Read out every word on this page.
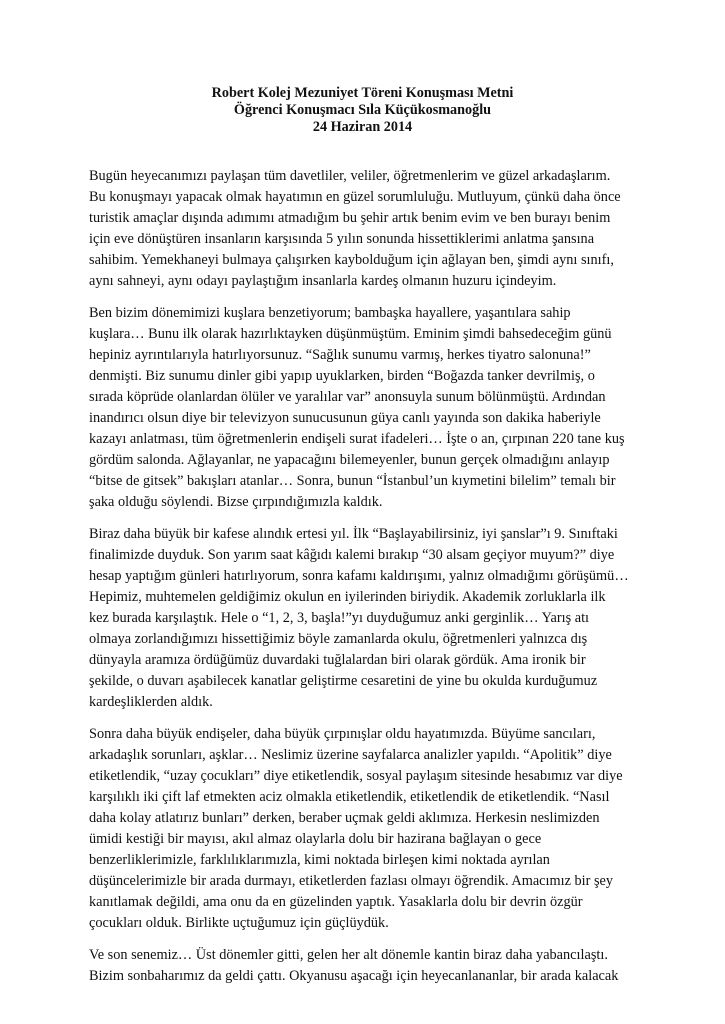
Robert Kolej Mezuniyet Töreni Konuşması Metni
Öğrenci Konuşmacı Sıla Küçükosmanoğlu
24 Haziran 2014

Bugün heyecanımızı paylaşan tüm davetliler, veliler, öğretmenlerim ve güzel arkadaşlarım.
Bu konuşmayı yapacak olmak hayatımın en güzel sorumluluğu. Mutluyum, çünkü daha önce
turistik amaçlar dışında adımımı atmadığım bu şehir artık benim evim ve ben burayı benim
için eve dönüştüren insanların karşısında 5 yılın sonunda hissettiklerimi anlatma şansına
sahibim. Yemekhaneyi bulmaya çalışırken kaybolduğum için ağlayan ben, şimdi aynı sınıfı,
aynı sahneyi, aynı odayı paylaştığım insanlarla kardeş olmanın huzuru içindeyim.

Ben bizim dönemimizi kuşlara benzetiyorum; bambaşka hayallere, yaşantılara sahip
kuşlara… Bunu ilk olarak hazırlıktayken düşünmüştüm. Eminim şimdi bahsedeceğim günü
hepiniz ayrıntılarıyla hatırlıyorsunuz. “Sağlık sunumu varmış, herkes tiyatro salonuna!”
denmişti. Biz sunumu dinler gibi yapıp uyuklarken, birden “Boğazda tanker devrilmiş, o
sırada köprüde olanlardan ölüler ve yaralılar var” anonsuyla sunum bölünmüştü. Ardından
inandırıcı olsun diye bir televizyon sunucusunun güya canlı yayında son dakika haberiyle
kazayı anlatması, tüm öğretmenlerin endişeli surat ifadeleri… İşte o an, çırpınan 220 tane kuş
gördüm salonda. Ağlayanlar, ne yapacağını bilemeyenler, bunun gerçek olmadığını anlayıp
“bitse de gitsek” bakışları atanlar… Sonra, bunun “İstanbul’un kıymetini bilelim” temalı bir
şaka olduğu söylendi. Bizse çırpındığımızla kaldık.

Biraz daha büyük bir kafese alındık ertesi yıl. İlk “Başlayabilirsiniz, iyi şanslar”ı 9. Sınıftaki
finalimizde duyduk. Son yarım saat kâğıdı kalemi bırakıp “30 alsam geçiyor muyum?” diye
hesap yaptığım günleri hatırlıyorum, sonra kafamı kaldırışımı, yalnız olmadığımı görüşümü…
Hepimiz, muhtemelen geldiğimiz okulun en iyilerinden biriydik. Akademik zorluklarla ilk
kez burada karşılaştık. Hele o “1, 2, 3, başla!”yı duyduğumuz anki gerginlik… Yarış atı
olmaya zorlandığımızı hissettiğimiz böyle zamanlarda okulu, öğretmenleri yalnızca dış
dünyayla aramıza ördüğümüz duvardaki tuğlalardan biri olarak gördük. Ama ironik bir
şekilde, o duvarı aşabilecek kanatlar geliştirme cesaretini de yine bu okulda kurduğumuz
kardeşliklerden aldık.

Sonra daha büyük endişeler, daha büyük çırpınışlar oldu hayatımızda. Büyüme sancıları,
arkadaşlık sorunları, aşklar… Neslimiz üzerine sayfalarca analizler yapıldı. “Apolitik” diye
etiketlendik, “uzay çocukları” diye etiketlendik, sosyal paylaşım sitesinde hesabımız var diye
karşılıklı iki çift laf etmekten aciz olmakla etiketlendik, etiketlendik de etiketlendik. “Nasıl
daha kolay atlatırız bunları” derken, beraber uçmak geldi aklımıza. Herkesin neslimizden
ümidi kestiği bir mayısı, akıl almaz olaylarla dolu bir hazirana bağlayan o gece
benzerliklerimizle, farklılıklarımızla, kimi noktada birleşen kimi noktada ayrılan
düşüncelerimizle bir arada durmayı, etiketlerden fazlası olmayı öğrendik. Amacımız bir şey
kanıtlamak değildi, ama onu da en güzelinden yaptık. Yasaklarla dolu bir devrin özgür
çocukları olduk. Birlikte uçtuğumuz için güçlüydük.

Ve son senemiz… Üst dönemler gitti, gelen her alt dönemle kantin biraz daha yabancılaştı.
Bizim sonbaharımız da geldi çattı. Okyanusu aşacağı için heyecanlananlar, bir arada kalacak
